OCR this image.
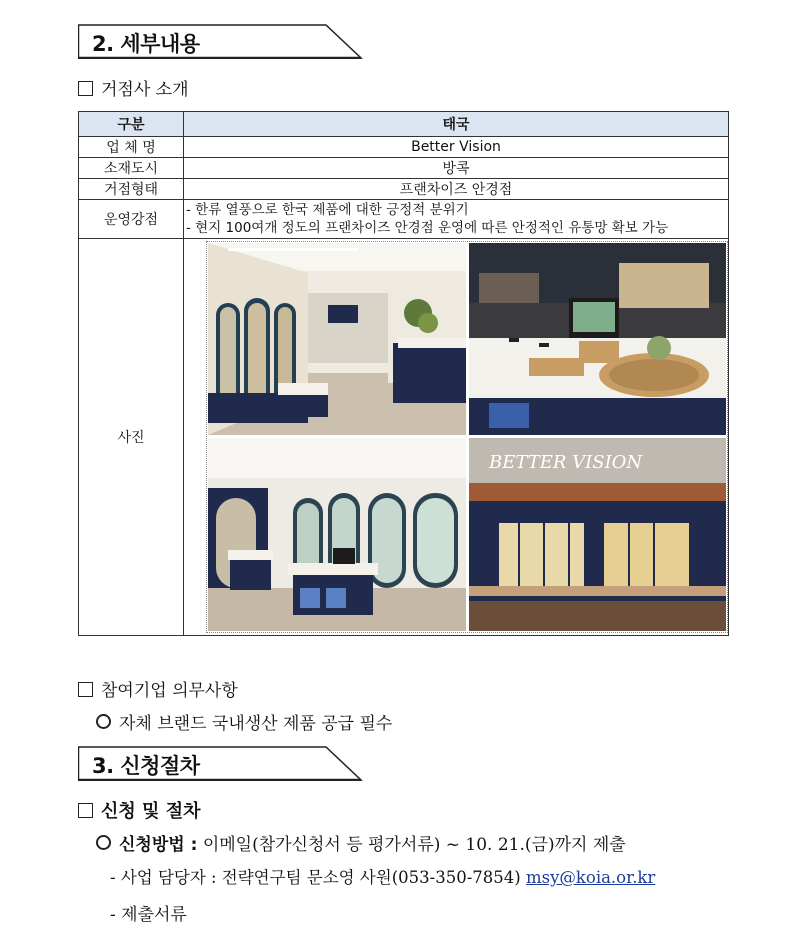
2. 세부내용
거점사 소개
구분	태국
업 체 명	Better Vision
소재도시	방콕
거점형태	프랜차이즈 안경점
운영강점	- 한류 열풍으로 한국 제품에 대한 긍정적 분위기
- 현지 100여개 정도의 프랜차이즈 안경점 운영에 따른 안정적인 유통망 확보 가능

사진	BETTER VISION
참여기업 의무사항
자체 브랜드 국내생산 제품 공급 필수
3. 신청절차
신청 및 절차
신청방법 : 이메일(참가신청서 등 평가서류) ~ 10. 21.(금)까지 제출
- 사업 담당자 : 전략연구팀 문소영 사원(053-350-7854) msy@koia.or.kr
- 제출서류
